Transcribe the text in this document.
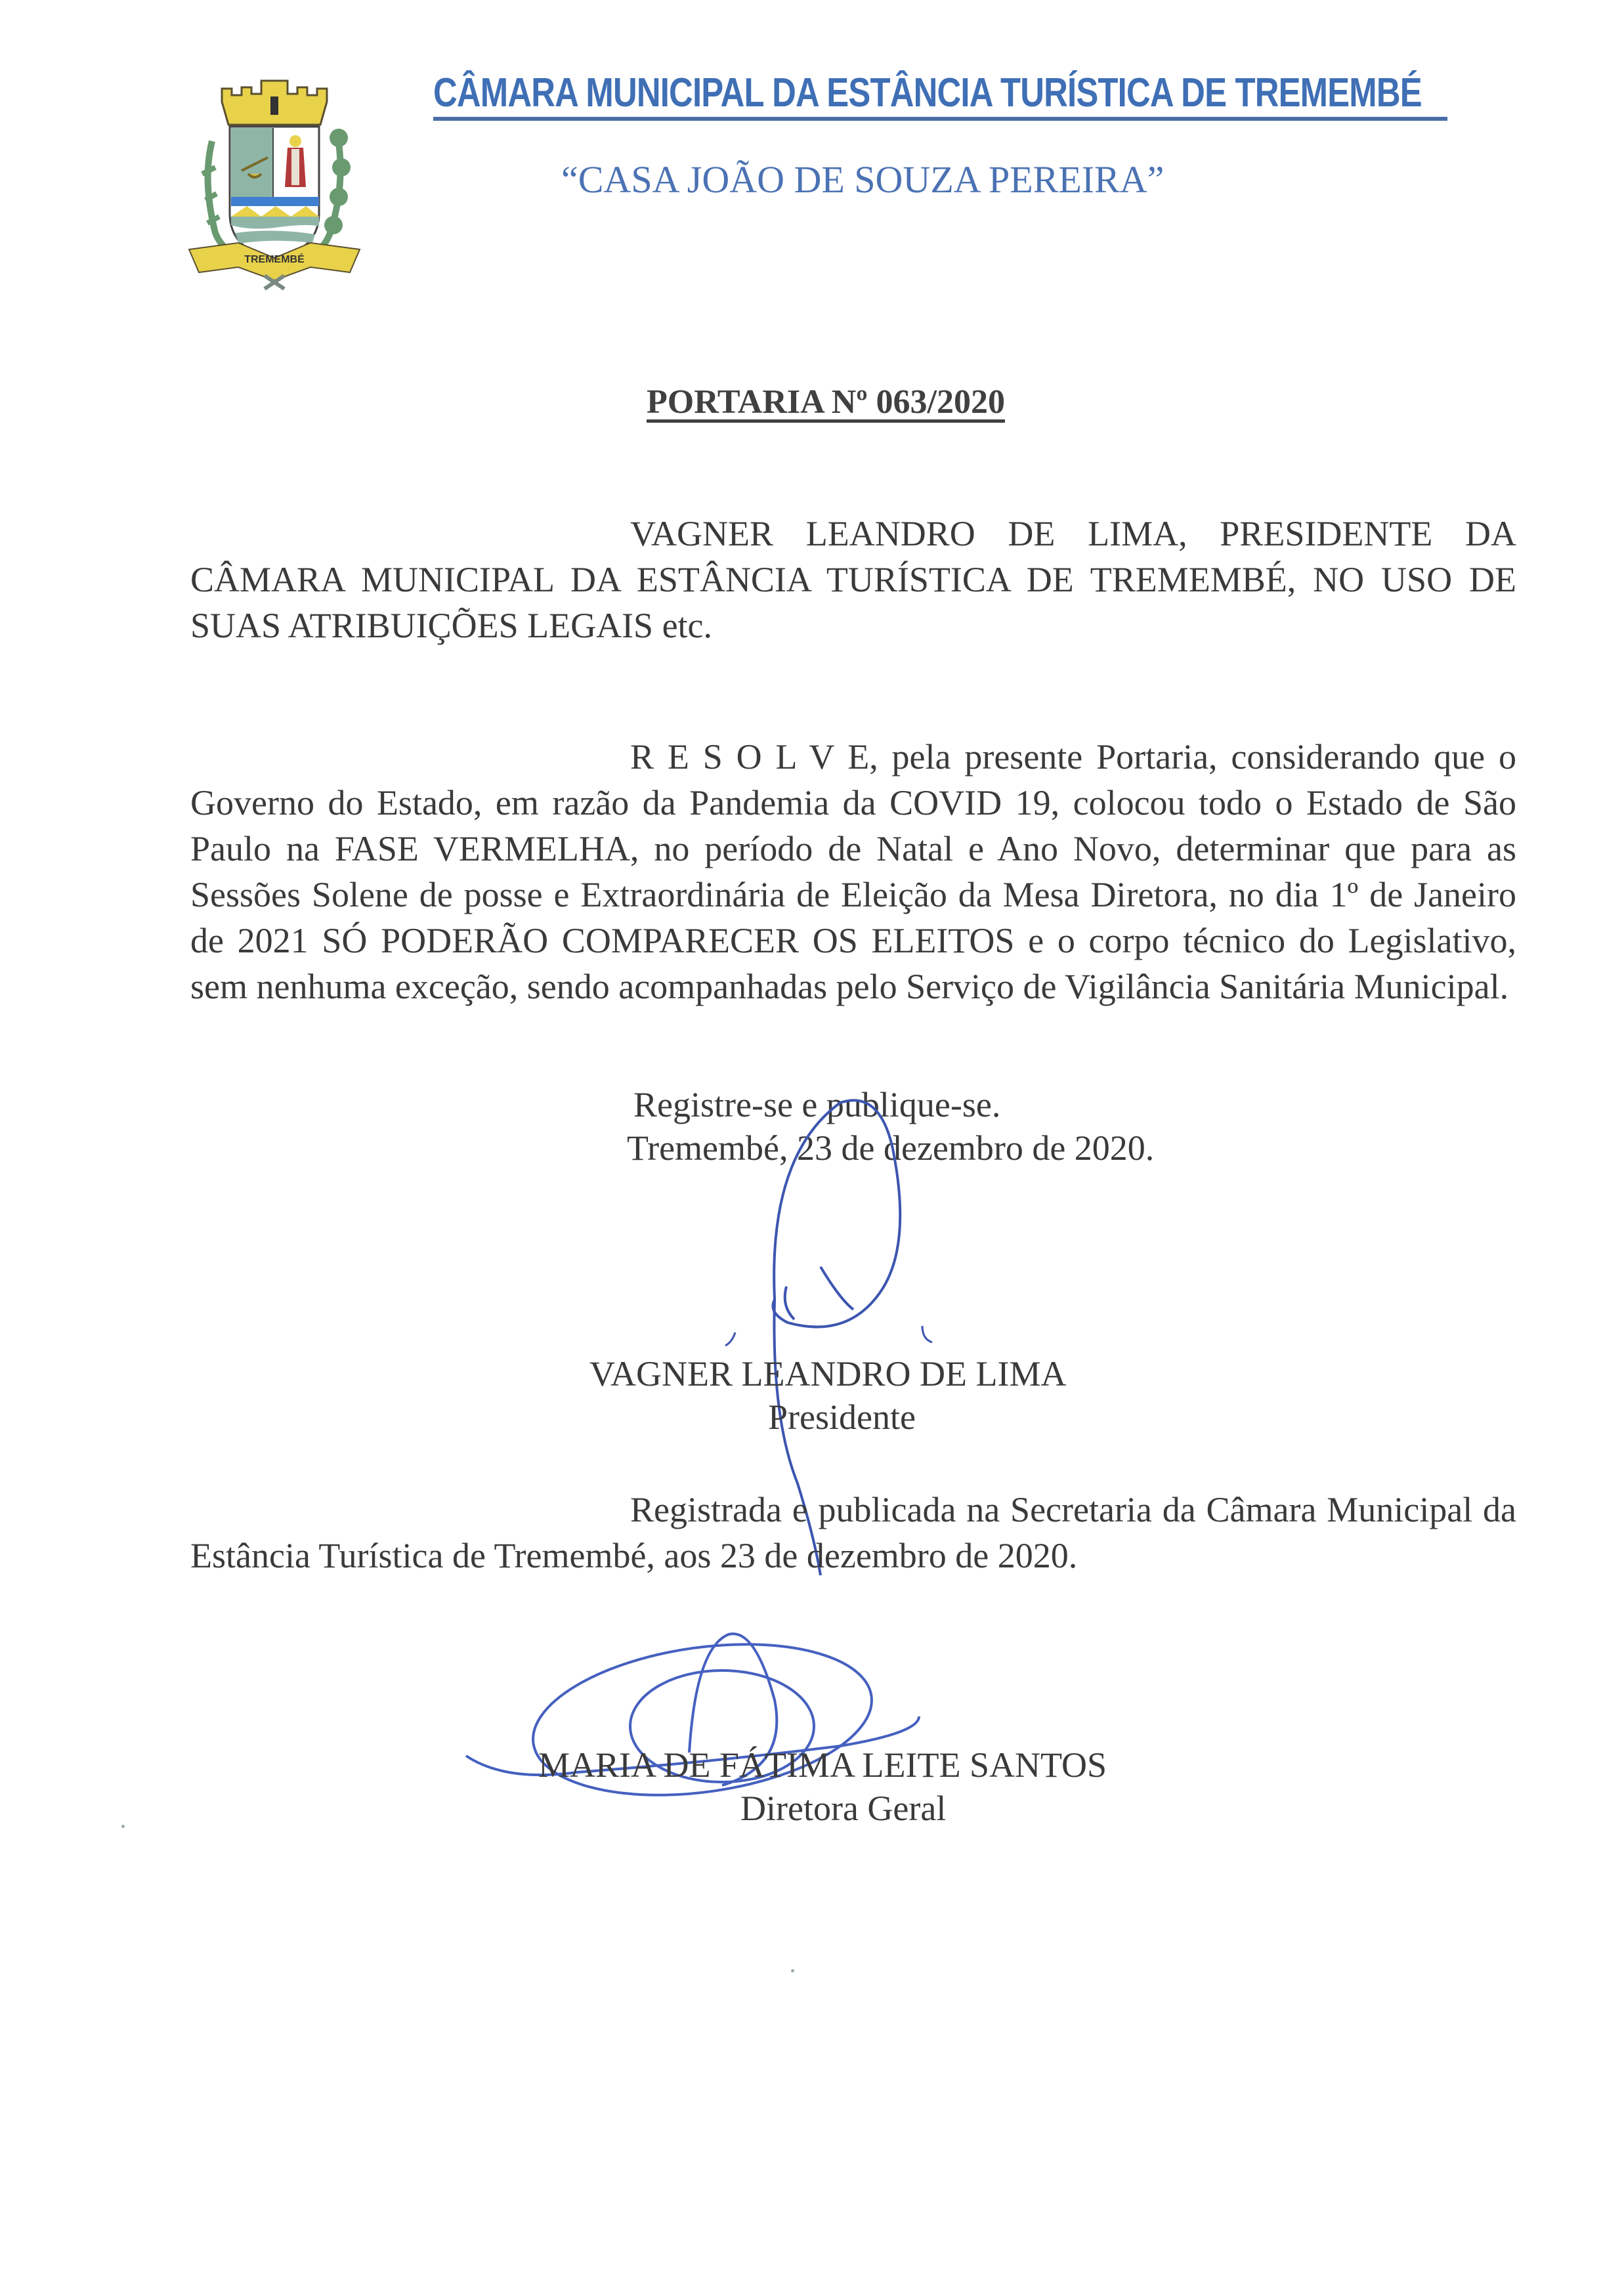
TREMEMBÉ
CÂMARA MUNICIPAL DA ESTÂNCIA TURÍSTICA DE TREMEMBÉ
“CASA JOÃO DE SOUZA PEREIRA”
PORTARIA Nº 063/2020

VAGNER LEANDRO DE LIMA, PRESIDENTE DA CÂMARA MUNICIPAL DA ESTÂNCIA TURÍSTICA DE TREMEMBÉ, NO USO DE SUAS ATRIBUIÇÕES LEGAIS etc.

R E S O L V E, pela presente Portaria, considerando que o Governo do Estado, em razão da Pandemia da COVID 19, colocou todo o Estado de São Paulo na FASE VERMELHA, no período de Natal e Ano Novo, determinar que para as Sessões Solene de posse e Extraordinária de Eleição da Mesa Diretora, no dia 1º de Janeiro de 2021 SÓ PODERÃO COMPARECER OS ELEITOS e o corpo técnico do Legislativo, sem nenhuma exceção, sendo acompanhadas pelo Serviço de Vigilância Sanitária Municipal.

Registre-se e publique-se.
Tremembé, 23 de dezembro de 2020.
VAGNER LEANDRO DE LIMA
Presidente

Registrada e publicada na Secretaria da Câmara Municipal da Estância Turística de Tremembé, aos 23 de dezembro de 2020.

MARIA DE FÁTIMA LEITE SANTOS
Diretora Geral
